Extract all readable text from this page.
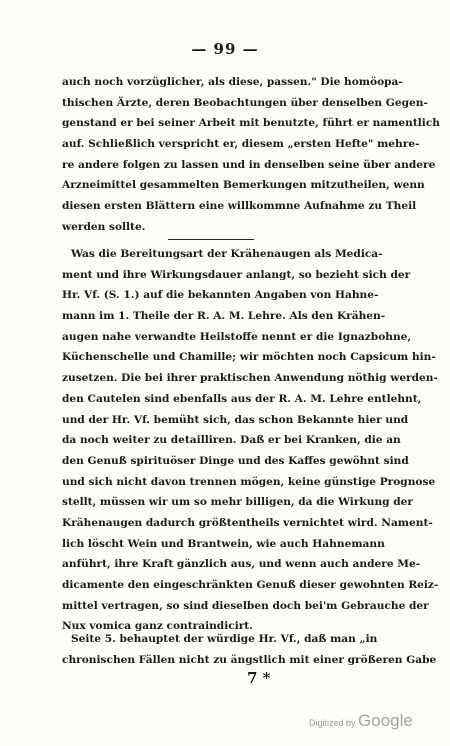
— 99 —
auch noch vorzüglicher, als diese, passen." Die homöopa-
thischen Ärzte, deren Beobachtungen über denselben Gegen-
genstand er bei seiner Arbeit mit benutzte, führt er namentlich
auf. Schließlich verspricht er, diesem „ersten Hefte" mehre-
re andere folgen zu lassen und in denselben seine über andere
Arzneimittel gesammelten Bemerkungen mitzutheilen, wenn
diesen ersten Blättern eine willkommne Aufnahme zu Theil
werden sollte.
Was die Bereitungsart der Krähenaugen als Medica-
ment und ihre Wirkungsdauer anlangt, so bezieht sich der
Hr. Vf. (S. 1.) auf die bekannten Angaben von Hahne-
mann im 1. Theile der R. A. M. Lehre. Als den Krähen-
augen nahe verwandte Heilstoffe nennt er die Ignazbohne,
Küchenschelle und Chamille; wir möchten noch Capsicum hin-
zusetzen. Die bei ihrer praktischen Anwendung nöthig werden-
den Cautelen sind ebenfalls aus der R. A. M. Lehre entlehnt,
und der Hr. Vf. bemüht sich, das schon Bekannte hier und
da noch weiter zu detailliren. Daß er bei Kranken, die an
den Genuß spirituöser Dinge und des Kaffes gewöhnt sind
und sich nicht davon trennen mögen, keine günstige Prognose
stellt, müssen wir um so mehr billigen, da die Wirkung der
Krähenaugen dadurch größtentheils vernichtet wird. Nament-
lich löscht Wein und Brantwein, wie auch Hahnemann
anführt, ihre Kraft gänzlich aus, und wenn auch andere Me-
dicamente den eingeschränkten Genuß dieser gewohnten Reiz-
mittel vertragen, so sind dieselben doch bei'm Gebrauche der
Nux vomica ganz contraindicirt.
Seite 5. behauptet der würdige Hr. Vf., daß man „in
chronischen Fällen nicht zu ängstlich mit einer größeren Gabe
7 *
Digitized by Google
